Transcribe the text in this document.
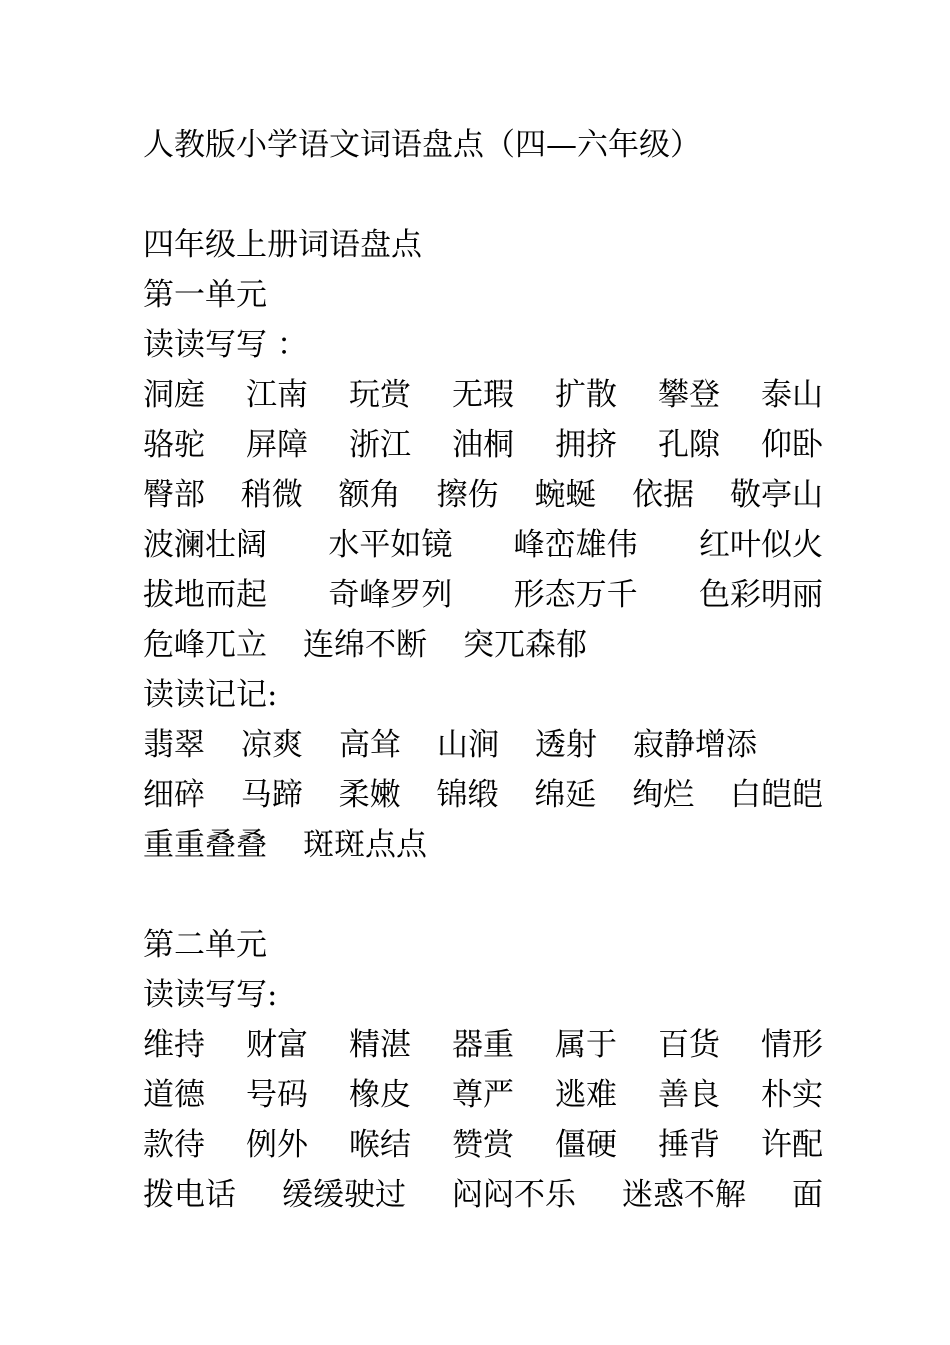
人教版小学语文词语盘点（四—六年级）
四年级上册词语盘点
第一单元
读读写写 ：
洞庭 江南 玩赏 无瑕 扩散 攀登 泰山
骆驼 屏障 浙江 油桐 拥挤 孔隙 仰卧
臀部 稍微 额角 擦伤 蜿蜒 依据 敬亭山
波澜壮阔 水平如镜 峰峦雄伟 红叶似火
拔地而起 奇峰罗列 形态万千 色彩明丽
危峰兀立 连绵不断 突兀森郁
读读记记:
翡翠 凉爽 高耸 山涧 透射 寂静增添
细碎 马蹄 柔嫩 锦缎 绵延 绚烂 白皑皑
重重叠叠 斑斑点点
第二单元
读读写写:
维持 财富 精湛 器重 属于 百货 情形
道德 号码 橡皮 尊严 逃难 善良 朴实
款待 例外 喉结 赞赏 僵硬 捶背 许配
拨电话 缓缓驶过 闷闷不乐 迷惑不解 面
